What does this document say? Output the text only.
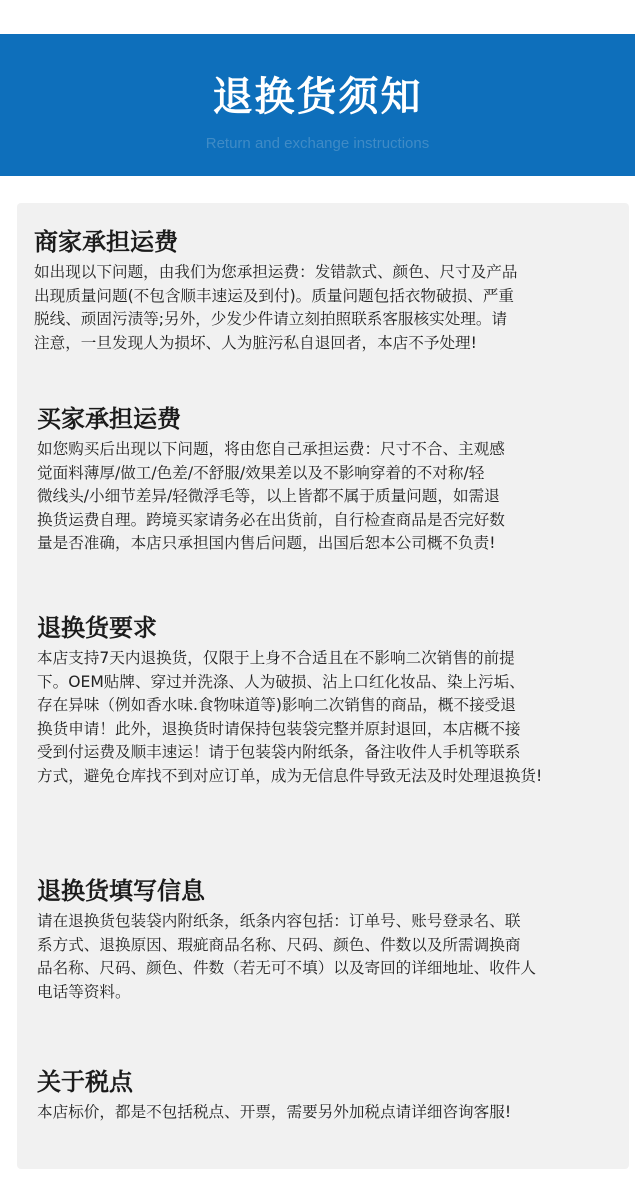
退换货须知
Return and exchange instructions
商家承担运费

如出现以下问题，由我们为您承担运费：发错款式、颜色、尺寸及产品
出现质量问题(不包含顺丰速运及到付)。质量问题包括衣物破损、严重
脱线、顽固污渍等;另外，少发少件请立刻拍照联系客服核实处理。请
注意，一旦发现人为损坏、人为脏污私自退回者，本店不予处理!

买家承担运费

如您购买后出现以下问题，将由您自己承担运费：尺寸不合、主观感
觉面料薄厚/做工/色差/不舒服/效果差以及不影响穿着的不对称/轻
微线头/小细节差异/轻微浮毛等，以上皆都不属于质量问题，如需退
换货运费自理。跨境买家请务必在出货前，自行检查商品是否完好数
量是否准确，本店只承担国内售后问题，出国后恕本公司概不负责!

退换货要求

本店支持7天内退换货，仅限于上身不合适且在不影响二次销售的前提
下。OEM贴牌、穿过并洗涤、人为破损、沾上口红化妆品、染上污垢、
存在异味（例如香水味.食物味道等)影响二次销售的商品，概不接受退
换货申请！此外，退换货时请保持包装袋完整并原封退回，本店概不接
受到付运费及顺丰速运！请于包装袋内附纸条，备注收件人手机等联系
方式，避免仓库找不到对应订单，成为无信息件导致无法及时处理退换货!

退换货填写信息

请在退换货包装袋内附纸条，纸条内容包括：订单号、账号登录名、联
系方式、退换原因、瑕疵商品名称、尺码、颜色、件数以及所需调换商
品名称、尺码、颜色、件数（若无可不填）以及寄回的详细地址、收件人
电话等资料。

关于税点

本店标价，都是不包括税点、开票，需要另外加税点请详细咨询客服!
